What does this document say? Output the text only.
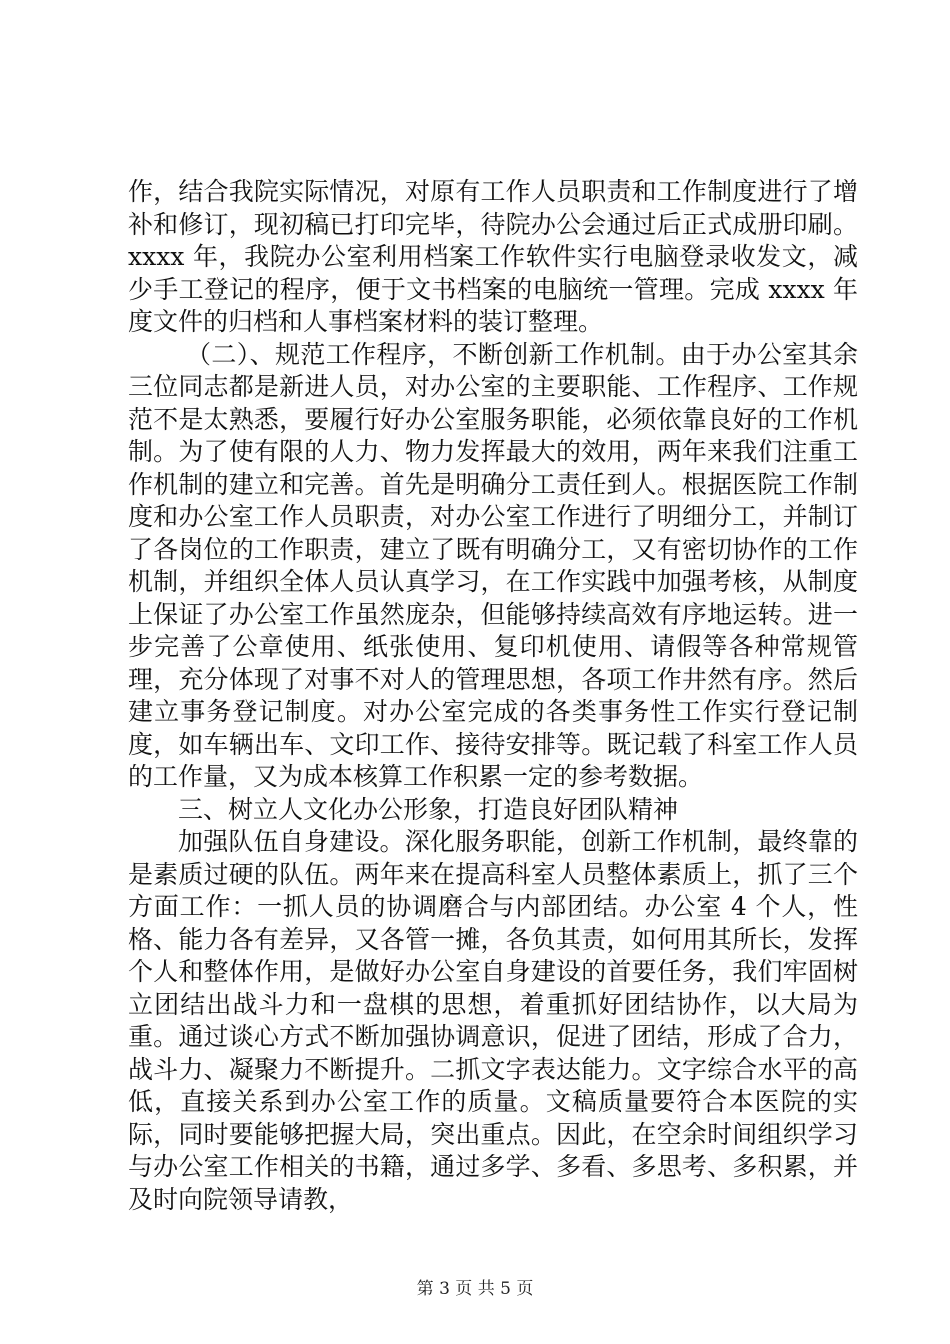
作，结合我院实际情况，对原有工作人员职责和工作制度进行了增补和修订，现初稿已打印完毕，待院办公会通过后正式成册印刷。xxxx 年，我院办公室利用档案工作软件实行电脑登录收发文，减少手工登记的程序，便于文书档案的电脑统一管理。完成 xxxx 年度文件的归档和人事档案材料的装订整理。

（二）、规范工作程序，不断创新工作机制。由于办公室其余三位同志都是新进人员，对办公室的主要职能、工作程序、工作规范不是太熟悉，要履行好办公室服务职能，必须依靠良好的工作机制。为了使有限的人力、物力发挥最大的效用，两年来我们注重工作机制的建立和完善。首先是明确分工责任到人。根据医院工作制度和办公室工作人员职责，对办公室工作进行了明细分工，并制订了各岗位的工作职责，建立了既有明确分工，又有密切协作的工作机制，并组织全体人员认真学习，在工作实践中加强考核，从制度上保证了办公室工作虽然庞杂，但能够持续高效有序地运转。进一步完善了公章使用、纸张使用、复印机使用、请假等各种常规管理，充分体现了对事不对人的管理思想，各项工作井然有序。然后建立事务登记制度。对办公室完成的各类事务性工作实行登记制度，如车辆出车、文印工作、接待安排等。既记载了科室工作人员的工作量，又为成本核算工作积累一定的参考数据。

三、树立人文化办公形象，打造良好团队精神

加强队伍自身建设。深化服务职能，创新工作机制，最终靠的是素质过硬的队伍。两年来在提高科室人员整体素质上，抓了三个方面工作：一抓人员的协调磨合与内部团结。办公室 4 个人，性格、能力各有差异，又各管一摊，各负其责，如何用其所长，发挥个人和整体作用，是做好办公室自身建设的首要任务，我们牢固树立团结出战斗力和一盘棋的思想，着重抓好团结协作，以大局为重。通过谈心方式不断加强协调意识，促进了团结，形成了合力，战斗力、凝聚力不断提升。二抓文字表达能力。文字综合水平的高低，直接关系到办公室工作的质量。文稿质量要符合本医院的实际，同时要能够把握大局，突出重点。因此，在空余时间组织学习与办公室工作相关的书籍，通过多学、多看、多思考、多积累，并及时向院领导请教，

第 3 页 共 5 页
